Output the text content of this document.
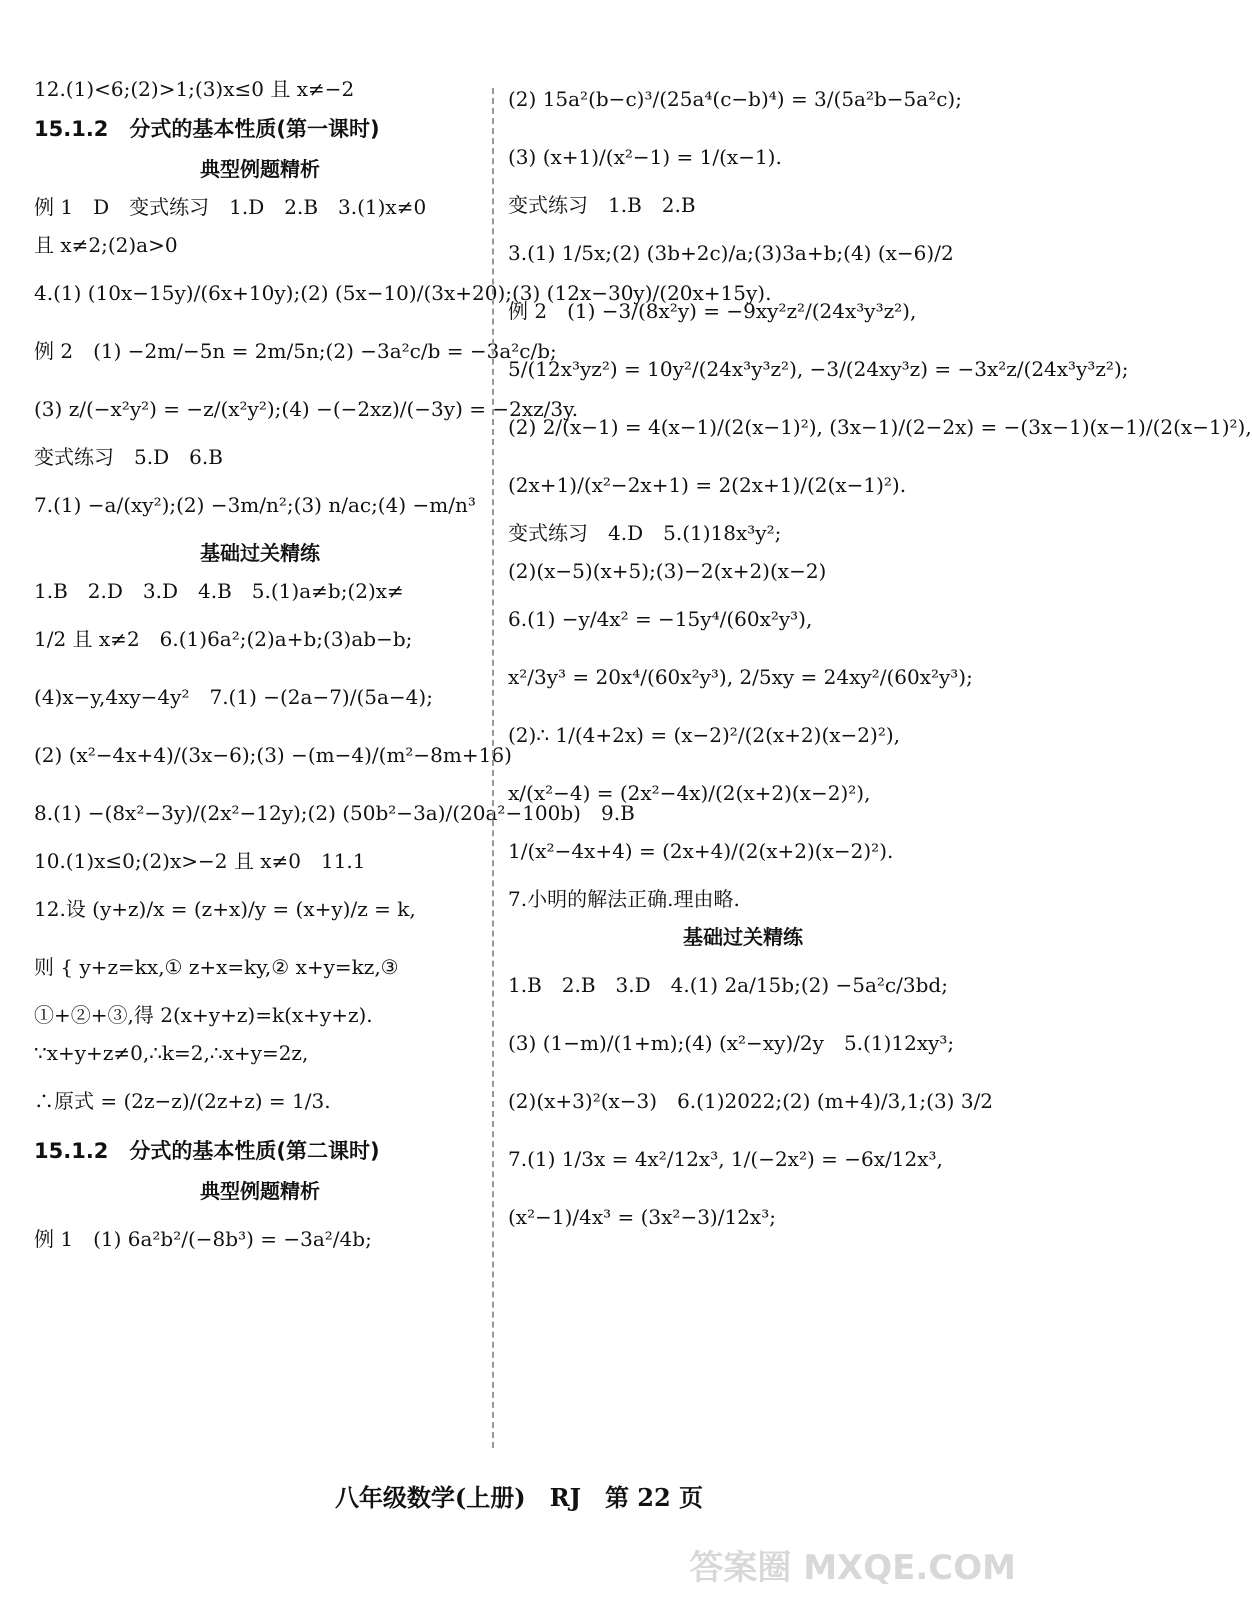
12.(1)<6;(2)>1;(3)x≤0 且 x≠−2
15.1.2　分式的基本性质(第一课时)
典型例题精析
例 1　D　变式练习　1.D　2.B　3.(1)x≠0
且 x≠2;(2)a>0
4.(1) (10x−15y)/(6x+10y);(2) (5x−10)/(3x+20);(3) (12x−30y)/(20x+15y).
例 2　(1) −2m/−5n = 2m/5n;(2) −3a²c/b = −3a²c/b;
(3) z/(−x²y²) = −z/(x²y²);(4) −(−2xz)/(−3y) = −2xz/3y.
变式练习　5.D　6.B
7.(1) −a/(xy²);(2) −3m/n²;(3) n/ac;(4) −m/n³
基础过关精练
1.B　2.D　3.D　4.B　5.(1)a≠b;(2)x≠
1/2 且 x≠2　6.(1)6a²;(2)a+b;(3)ab−b;
(4)x−y,4xy−4y²　7.(1) −(2a−7)/(5a−4);
(2) (x²−4x+4)/(3x−6);(3) −(m−4)/(m²−8m+16)
8.(1) −(8x²−3y)/(2x²−12y);(2) (50b²−3a)/(20a²−100b)　9.B
10.(1)x≤0;(2)x>−2 且 x≠0　11.1
12.设 (y+z)/x = (z+x)/y = (x+y)/z = k,
则 { y+z=kx,① z+x=ky,② x+y=kz,③
①+②+③,得 2(x+y+z)=k(x+y+z).
∵x+y+z≠0,∴k=2,∴x+y=2z,
∴原式 = (2z−z)/(2z+z) = 1/3.
15.1.2　分式的基本性质(第二课时)
典型例题精析
例 1　(1) 6a²b²/(−8b³) = −3a²/4b;
(2) 15a²(b−c)³/(25a⁴(c−b)⁴) = 3/(5a²b−5a²c);
(3) (x+1)/(x²−1) = 1/(x−1).
变式练习　1.B　2.B
3.(1) 1/5x;(2) (3b+2c)/a;(3)3a+b;(4) (x−6)/2
例 2　(1) −3/(8x²y) = −9xy²z²/(24x³y³z²),
5/(12x³yz²) = 10y²/(24x³y³z²), −3/(24xy³z) = −3x²z/(24x³y³z²);
(2) 2/(x−1) = 4(x−1)/(2(x−1)²), (3x−1)/(2−2x) = −(3x−1)(x−1)/(2(x−1)²),
(2x+1)/(x²−2x+1) = 2(2x+1)/(2(x−1)²).
变式练习　4.D　5.(1)18x³y²;
(2)(x−5)(x+5);(3)−2(x+2)(x−2)
6.(1) −y/4x² = −15y⁴/(60x²y³),
x²/3y³ = 20x⁴/(60x²y³), 2/5xy = 24xy²/(60x²y³);
(2)∴ 1/(4+2x) = (x−2)²/(2(x+2)(x−2)²),
x/(x²−4) = (2x²−4x)/(2(x+2)(x−2)²),
1/(x²−4x+4) = (2x+4)/(2(x+2)(x−2)²).
7.小明的解法正确.理由略.
基础过关精练
1.B　2.B　3.D　4.(1) 2a/15b;(2) −5a²c/3bd;
(3) (1−m)/(1+m);(4) (x²−xy)/2y　5.(1)12xy³;
(2)(x+3)²(x−3)　6.(1)2022;(2) (m+4)/3,1;(3) 3/2
7.(1) 1/3x = 4x²/12x³, 1/(−2x²) = −6x/12x³,
(x²−1)/4x³ = (3x²−3)/12x³;
八年级数学(上册)　RJ　第 22 页
答案圈 MXQE.COM
